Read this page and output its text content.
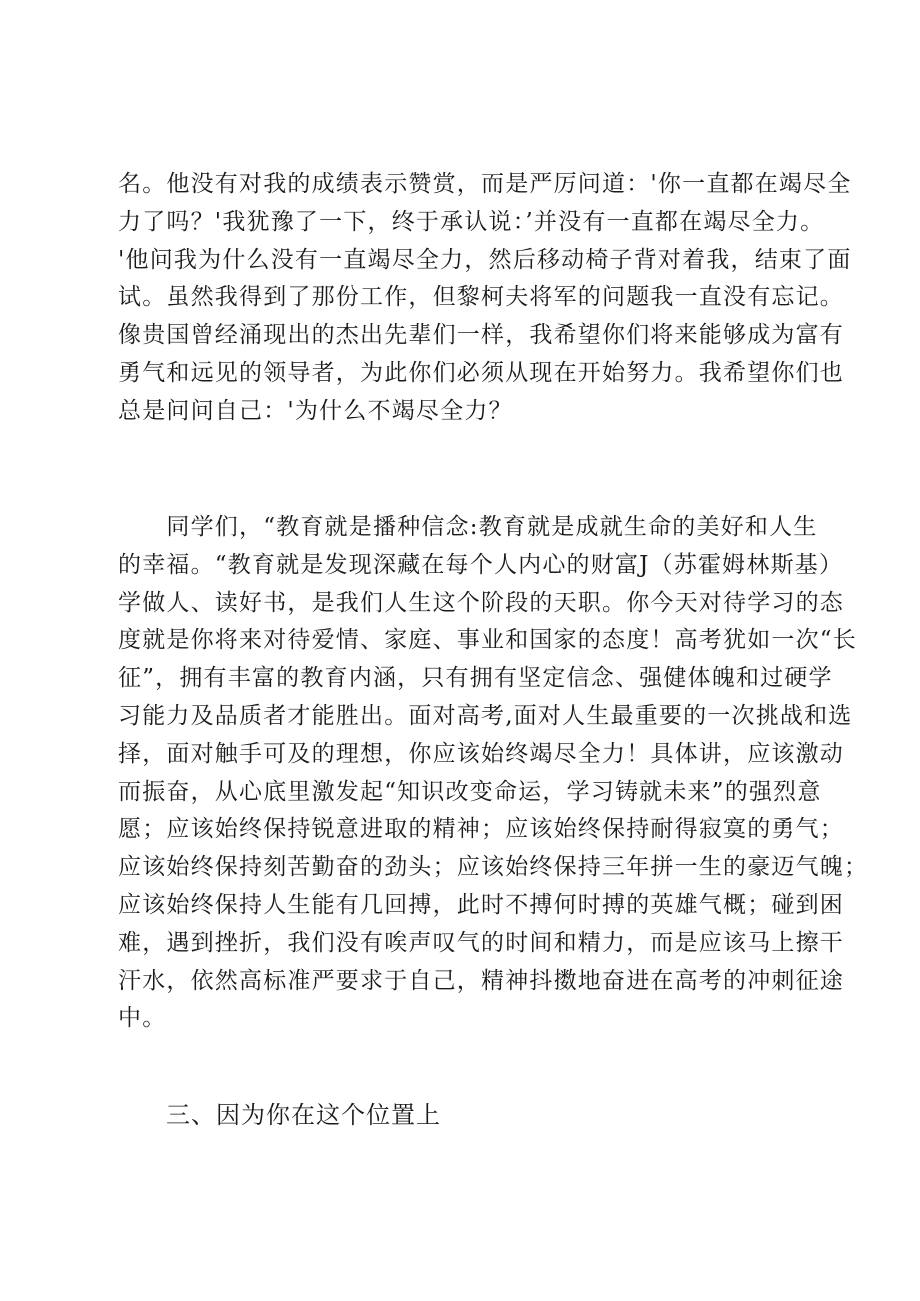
名。他没有对我的成绩表示赞赏，而是严厉问道：'你一直都在竭尽全
力了吗？'我犹豫了一下，终于承认说：’并没有一直都在竭尽全力。
'他问我为什么没有一直竭尽全力，然后移动椅子背对着我，结束了面
试。虽然我得到了那份工作，但黎柯夫将军的问题我一直没有忘记。
像贵国曾经涌现出的杰出先辈们一样，我希望你们将来能够成为富有
勇气和远见的领导者，为此你们必须从现在开始努力。我希望你们也
总是问问自己：'为什么不竭尽全力？

　　同学们，“教育就是播种信念:教育就是成就生命的美好和人生
的幸福。“教育就是发现深藏在每个人内心的财富J（苏霍姆林斯基）
学做人、读好书，是我们人生这个阶段的天职。你今天对待学习的态
度就是你将来对待爱情、家庭、事业和国家的态度！高考犹如一次“长
征”，拥有丰富的教育内涵，只有拥有坚定信念、强健体魄和过硬学
习能力及品质者才能胜出。面对高考,面对人生最重要的一次挑战和选
择，面对触手可及的理想，你应该始终竭尽全力！具体讲，应该激动
而振奋，从心底里激发起“知识改变命运，学习铸就未来”的强烈意
愿；应该始终保持锐意进取的精神；应该始终保持耐得寂寞的勇气；
应该始终保持刻苦勤奋的劲头；应该始终保持三年拼一生的豪迈气魄；
应该始终保持人生能有几回搏，此时不搏何时搏的英雄气概；碰到困
难，遇到挫折，我们没有唉声叹气的时间和精力，而是应该马上擦干
汗水，依然高标准严要求于自己，精神抖擞地奋进在高考的冲刺征途
中。

三、因为你在这个位置上
